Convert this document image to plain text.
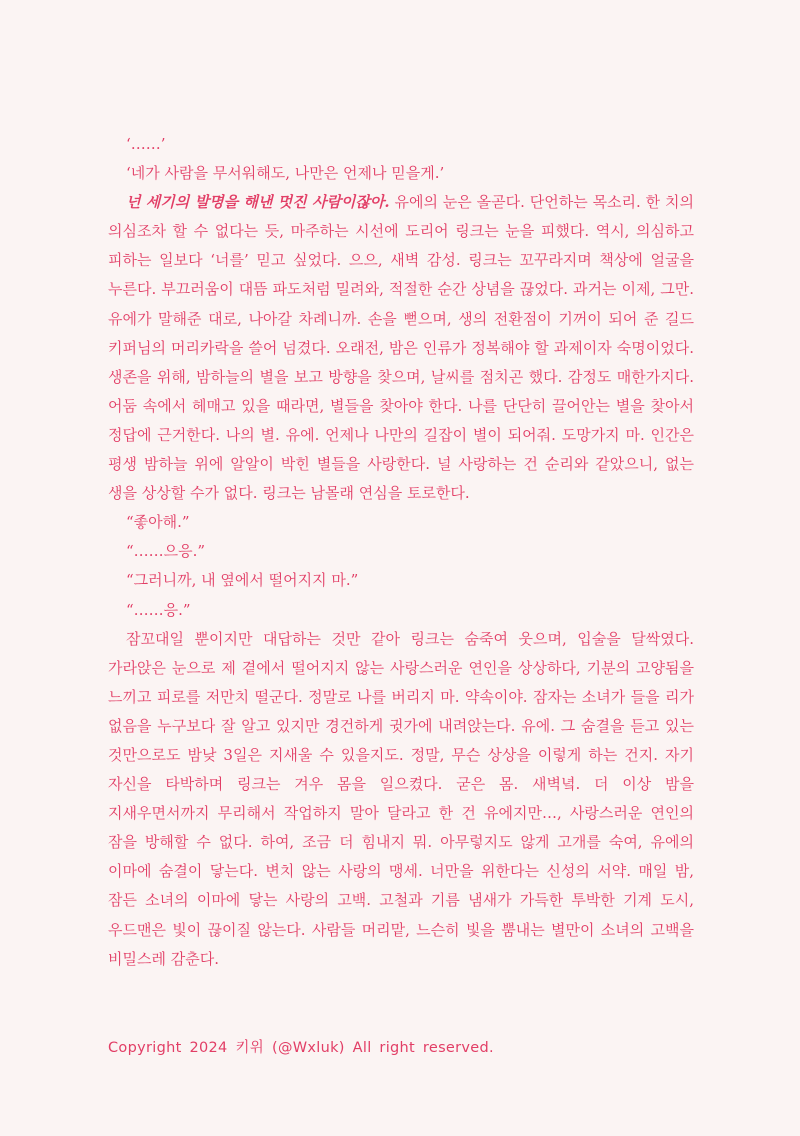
‘……’

‘네가 사람을 무서워해도, 나만은 언제나 믿을게.’

넌 세기의 발명을 해낸 멋진 사람이잖아. 유에의 눈은 올곧다. 단언하는 목소리. 한 치의 의심조차 할 수 없다는 듯, 마주하는 시선에 도리어 링크는 눈을 피했다. 역시, 의심하고 피하는 일보다 ‘너를’ 믿고 싶었다. 으으, 새벽 감성. 링크는 꼬꾸라지며 책상에 얼굴을 누른다. 부끄러움이 대뜸 파도처럼 밀려와, 적절한 순간 상념을 끊었다. 과거는 이제, 그만. 유에가 말해준 대로, 나아갈 차례니까. 손을 뻗으며, 생의 전환점이 기꺼이 되어 준 길드 키퍼님의 머리카락을 쓸어 넘겼다. 오래전, 밤은 인류가 정복해야 할 과제이자 숙명이었다. 생존을 위해, 밤하늘의 별을 보고 방향을 찾으며, 날씨를 점치곤 했다. 감정도 매한가지다. 어둠 속에서 헤매고 있을 때라면, 별들을 찾아야 한다. 나를 단단히 끌어안는 별을 찾아서 정답에 근거한다. 나의 별. 유에. 언제나 나만의 길잡이 별이 되어줘. 도망가지 마. 인간은 평생 밤하늘 위에 알알이 박힌 별들을 사랑한다. 널 사랑하는 건 순리와 같았으니, 없는 생을 상상할 수가 없다. 링크는 남몰래 연심을 토로한다.

“좋아해.”

“……으응.”

“그러니까, 내 옆에서 떨어지지 마.”

“……응.”

잠꼬대일 뿐이지만 대답하는 것만 같아 링크는 숨죽여 웃으며, 입술을 달싹였다. 가라앉은 눈으로 제 곁에서 떨어지지 않는 사랑스러운 연인을 상상하다, 기분의 고양됨을 느끼고 피로를 저만치 떨군다. 정말로 나를 버리지 마. 약속이야. 잠자는 소녀가 들을 리가 없음을 누구보다 잘 알고 있지만 경건하게 귓가에 내려앉는다. 유에. 그 숨결을 듣고 있는 것만으로도 밤낮 3일은 지새울 수 있을지도. 정말, 무슨 상상을 이렇게 하는 건지. 자기 자신을 타박하며 링크는 겨우 몸을 일으켰다. 굳은 몸. 새벽녘. 더 이상 밤을 지새우면서까지 무리해서 작업하지 말아 달라고 한 건 유에지만…, 사랑스러운 연인의 잠을 방해할 수 없다. 하여, 조금 더 힘내지 뭐. 아무렇지도 않게 고개를 숙여, 유에의 이마에 숨결이 닿는다. 변치 않는 사랑의 맹세. 너만을 위한다는 신성의 서약. 매일 밤, 잠든 소녀의 이마에 닿는 사랑의 고백. 고철과 기름 냄새가 가득한 투박한 기계 도시, 우드맨은 빛이 끊이질 않는다. 사람들 머리맡, 느슨히 빛을 뿜내는 별만이 소녀의 고백을 비밀스레 감춘다.

Copyright 2024 키위 (@Wxluk) All right reserved.
